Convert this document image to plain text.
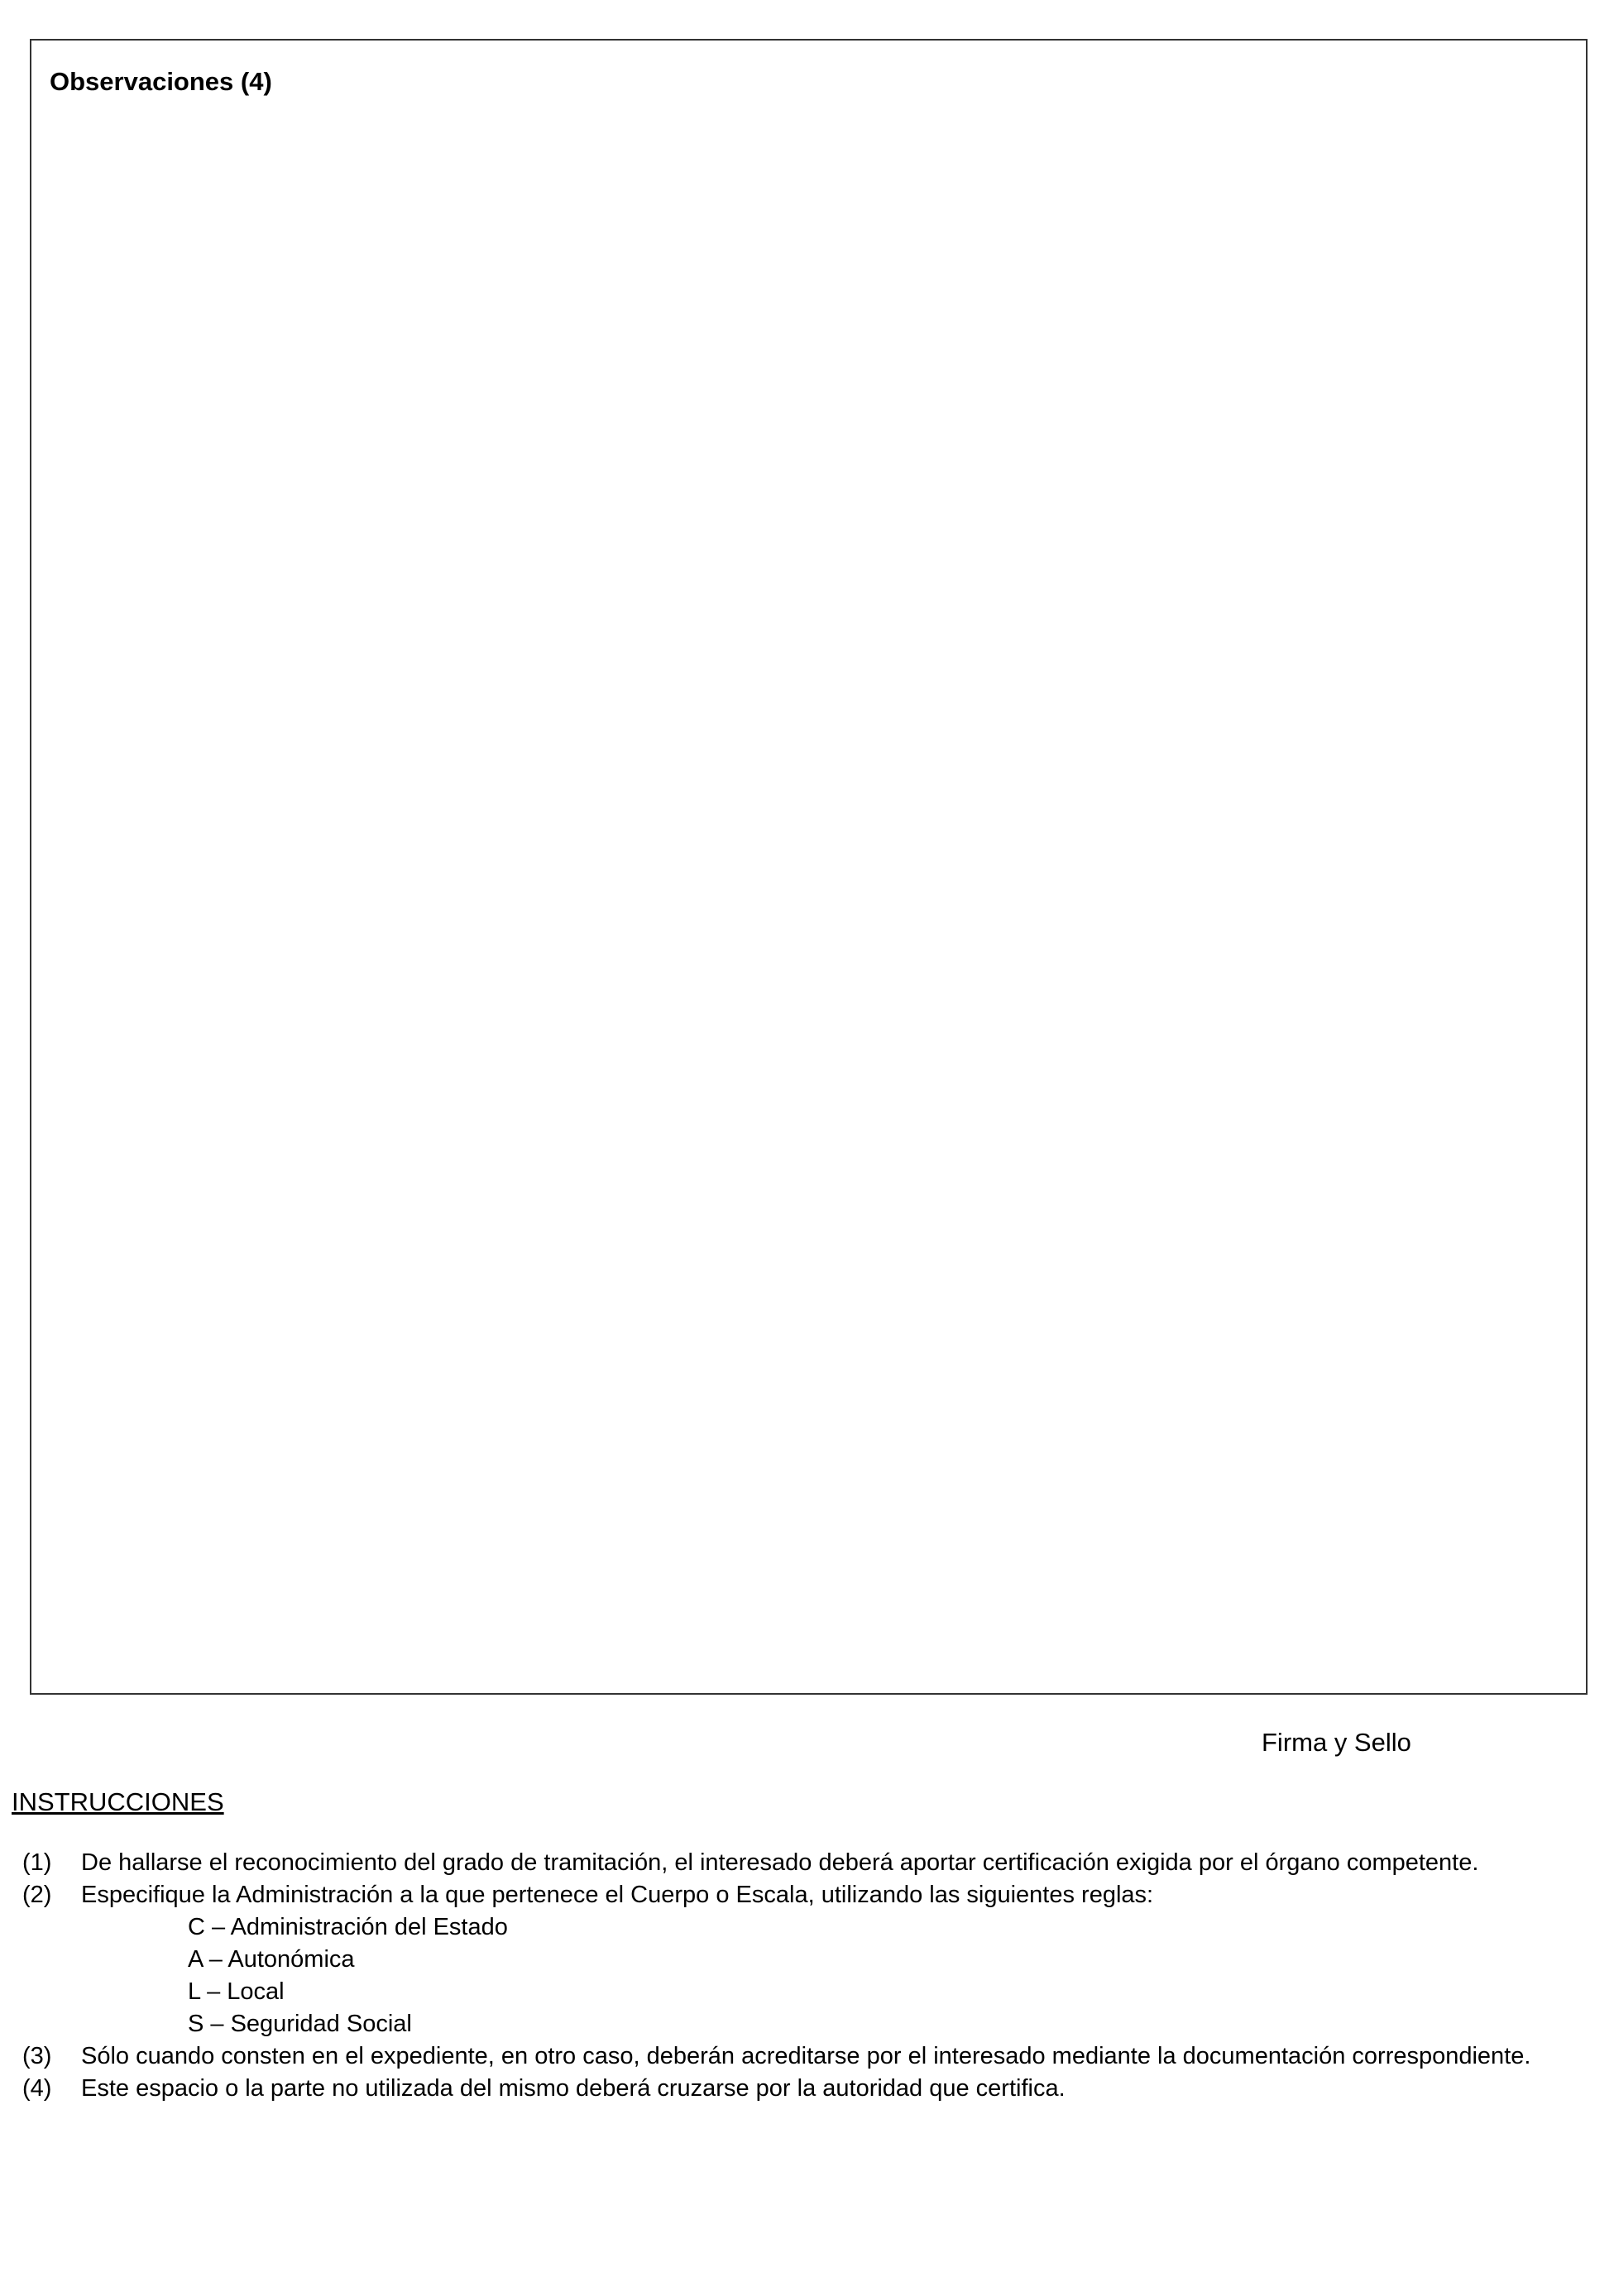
Observaciones (4)
Firma y Sello
INSTRUCCIONES
(1) De hallarse el reconocimiento del grado de tramitación, el interesado deberá aportar certificación exigida por el órgano competente.
(2) Especifique la Administración a la que pertenece el Cuerpo o Escala, utilizando las siguientes reglas:
C – Administración del Estado
A – Autonómica
L – Local
S – Seguridad Social
(3) Sólo cuando consten en el expediente, en otro caso, deberán acreditarse por el interesado mediante la documentación correspondiente.
(4) Este espacio o la parte no utilizada del mismo deberá cruzarse por la autoridad que certifica.
